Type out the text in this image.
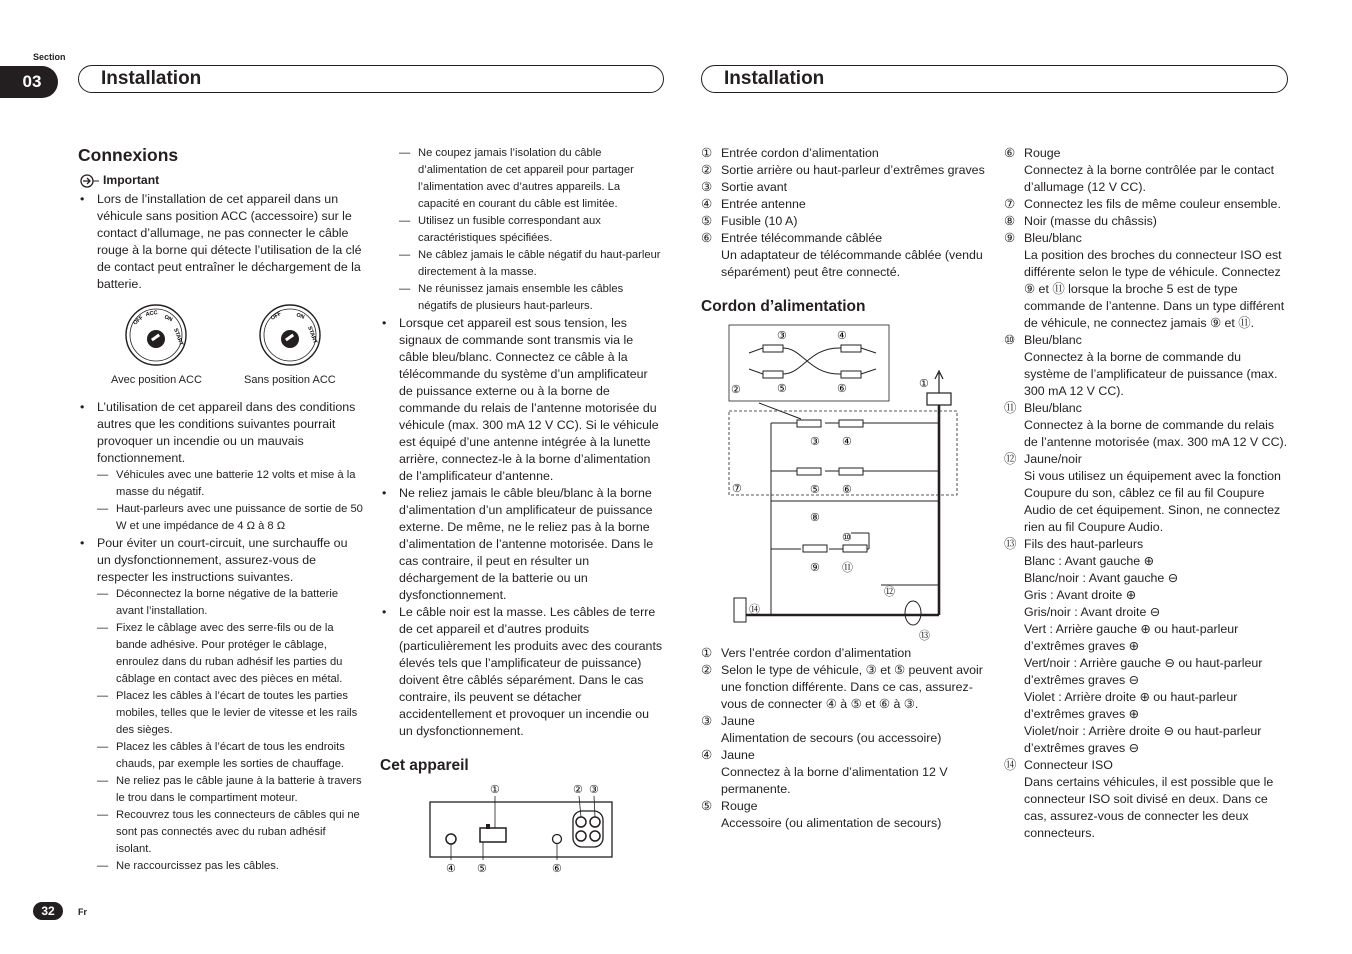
Section
03	Installation	Installation
Connexions
Important
• Lors de l’installation de cet appareil dans un véhicule sans position ACC (accessoire) sur le contact d’allumage, ne pas connecter le câble rouge à la borne qui détecte l’utilisation de la clé de contact peut entraîner le déchargement de la batterie.
OFF
ACC
ON
START
OFF ON
START
Avec position ACC	Sans position ACC
• L’utilisation de cet appareil dans des conditions autres que les conditions suivantes pourrait provoquer un incendie ou un mauvais fonctionnement.
— Véhicules avec une batterie 12 volts et mise à la masse du négatif.
— Haut-parleurs avec une puissance de sortie de 50 W et une impédance de 4 Ω à 8 Ω
• Pour éviter un court-circuit, une surchauffe ou un dysfonctionnement, assurez-vous de respecter les instructions suivantes.
— Déconnectez la borne négative de la batterie avant l’installation.
— Fixez le câblage avec des serre-fils ou de la bande adhésive. Pour protéger le câblage, enroulez dans du ruban adhésif les parties du câblage en contact avec des pièces en métal.
— Placez les câbles à l’écart de toutes les parties mobiles, telles que le levier de vitesse et les rails des sièges.
— Placez les câbles à l’écart de tous les endroits chauds, par exemple les sorties de chauffage.
— Ne reliez pas le câble jaune à la batterie à travers le trou dans le compartiment moteur.
— Recouvrez tous les connecteurs de câbles qui ne sont pas connectés avec du ruban adhésif isolant.
— Ne raccourcissez pas les câbles.
— Ne coupez jamais l’isolation du câble d’alimentation de cet appareil pour partager l’alimentation avec d’autres appareils. La capacité en courant du câble est limitée.
— Utilisez un fusible correspondant aux caractéristiques spécifiées.
— Ne câblez jamais le câble négatif du haut-parleur directement à la masse.
— Ne réunissez jamais ensemble les câbles négatifs de plusieurs haut-parleurs.
• Lorsque cet appareil est sous tension, les signaux de commande sont transmis via le câble bleu/blanc. Connectez ce câble à la télécommande du système d’un amplificateur de puissance externe ou à la borne de commande du relais de l’antenne motorisée du véhicule (max. 300 mA 12 V CC). Si le véhicule est équipé d’une antenne intégrée à la lunette arrière, connectez-le à la borne d’alimentation de l’amplificateur d’antenne.
• Ne reliez jamais le câble bleu/blanc à la borne d’alimentation d’un amplificateur de puissance externe. De même, ne le reliez pas à la borne d’alimentation de l’antenne motorisée. Dans le cas contraire, il peut en résulter un déchargement de la batterie ou un dysfonctionnement.
• Le câble noir est la masse. Les câbles de terre de cet appareil et d’autres produits (particulièrement les produits avec des courants élevés tels que l’amplificateur de puissance) doivent être câblés séparément. Dans le cas contraire, ils peuvent se détacher accidentellement et provoquer un incendie ou un dysfonctionnement.
Cet appareil
①	② ③
④ ⑤	⑥
① Entrée cordon d’alimentation
② Sortie arrière ou haut-parleur d’extrêmes graves
③ Sortie avant
④ Entrée antenne
⑤ Fusible (10 A)
⑥ Entrée télécommande câblée
Un adaptateur de télécommande câblée (vendu séparément) peut être connecté.
Cordon d’alimentation
③	④
⑤	⑥
②	①
③ ④
⑤ ⑥
⑦
⑧
⑩
⑨ ⑪
⑫
⑬
⑭
① Vers l’entrée cordon d’alimentation
② Selon le type de véhicule, ③ et ⑤ peuvent avoir une fonction différente. Dans ce cas, assurez-vous de connecter ④ à ⑤ et ⑥ à ③.
③ Jaune
Alimentation de secours (ou accessoire)
④ Jaune
Connectez à la borne d’alimentation 12 V permanente.
⑤ Rouge
Accessoire (ou alimentation de secours)
⑥ Rouge
Connectez à la borne contrôlée par le contact d’allumage (12 V CC).
⑦ Connectez les fils de même couleur ensemble.
⑧ Noir (masse du châssis)
⑨ Bleu/blanc
La position des broches du connecteur ISO est différente selon le type de véhicule. Connectez ⑨ et ⑪ lorsque la broche 5 est de type commande de l’antenne. Dans un type différent de véhicule, ne connectez jamais ⑨ et ⑪.
⑩ Bleu/blanc
Connectez à la borne de commande du système de l’amplificateur de puissance (max. 300 mA 12 V CC).
⑪ Bleu/blanc
Connectez à la borne de commande du relais de l’antenne motorisée (max. 300 mA 12 V CC).
⑫ Jaune/noir
Si vous utilisez un équipement avec la fonction Coupure du son, câblez ce fil au fil Coupure Audio de cet équipement. Sinon, ne connectez rien au fil Coupure Audio.
⑬ Fils des haut-parleurs
Blanc : Avant gauche ⊕
Blanc/noir : Avant gauche ⊖
Gris : Avant droite ⊕
Gris/noir : Avant droite ⊖
Vert : Arrière gauche ⊕ ou haut-parleur d’extrêmes graves ⊕
Vert/noir : Arrière gauche ⊖ ou haut-parleur d’extrêmes graves ⊖
Violet : Arrière droite ⊕ ou haut-parleur d’extrêmes graves ⊕
Violet/noir : Arrière droite ⊖ ou haut-parleur d’extrêmes graves ⊖
⑭ Connecteur ISO
Dans certains véhicules, il est possible que le connecteur ISO soit divisé en deux. Dans ce cas, assurez-vous de connecter les deux connecteurs.
32	Fr
